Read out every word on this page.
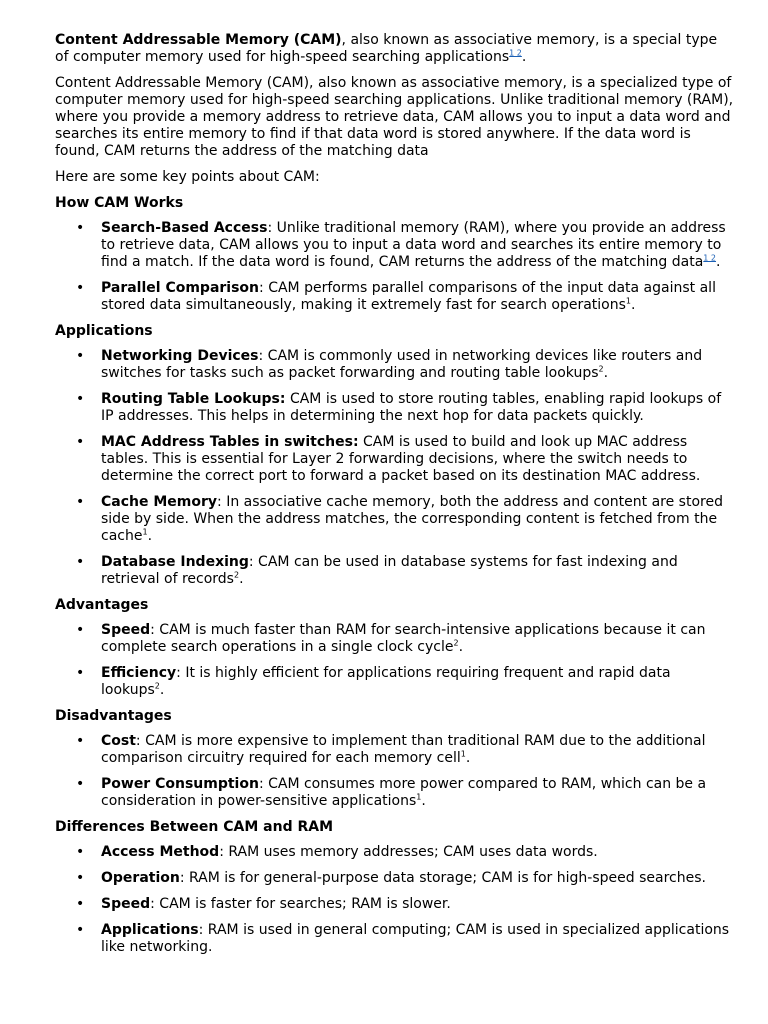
Content Addressable Memory (CAM), also known as associative memory, is a special type of computer memory used for high-speed searching applications$^{1 2}$.

Content Addressable Memory (CAM), also known as associative memory, is a specialized type of computer memory used for high-speed searching applications. Unlike traditional memory (RAM), where you provide a memory address to retrieve data, CAM allows you to input a data word and searches its entire memory to find if that data word is stored anywhere. If the data word is found, CAM returns the address of the matching data

Here are some key points about CAM:

How CAM Works

• Search-Based Access: Unlike traditional memory (RAM), where you provide an address to retrieve data, CAM allows you to input a data word and searches its entire memory to find a match. If the data word is found, CAM returns the address of the matching data$^{1 2}$.
• Parallel Comparison: CAM performs parallel comparisons of the input data against all stored data simultaneously, making it extremely fast for search operations$^1$.

Applications

• Networking Devices: CAM is commonly used in networking devices like routers and switches for tasks such as packet forwarding and routing table lookups$^2$.
• Routing Table Lookups: CAM is used to store routing tables, enabling rapid lookups of IP addresses. This helps in determining the next hop for data packets quickly.
• MAC Address Tables in switches: CAM is used to build and look up MAC address tables. This is essential for Layer 2 forwarding decisions, where the switch needs to determine the correct port to forward a packet based on its destination MAC address.
• Cache Memory: In associative cache memory, both the address and content are stored side by side. When the address matches, the corresponding content is fetched from the cache$^1$.
• Database Indexing: CAM can be used in database systems for fast indexing and retrieval of records$^2$.

Advantages

• Speed: CAM is much faster than RAM for search-intensive applications because it can complete search operations in a single clock cycle$^2$.
• Efficiency: It is highly efficient for applications requiring frequent and rapid data lookups$^2$.

Disadvantages

• Cost: CAM is more expensive to implement than traditional RAM due to the additional comparison circuitry required for each memory cell$^1$.
• Power Consumption: CAM consumes more power compared to RAM, which can be a consideration in power-sensitive applications$^1$.

Differences Between CAM and RAM

• Access Method: RAM uses memory addresses; CAM uses data words.
• Operation: RAM is for general-purpose data storage; CAM is for high-speed searches.
• Speed: CAM is faster for searches; RAM is slower.
• Applications: RAM is used in general computing; CAM is used in specialized applications like networking.
